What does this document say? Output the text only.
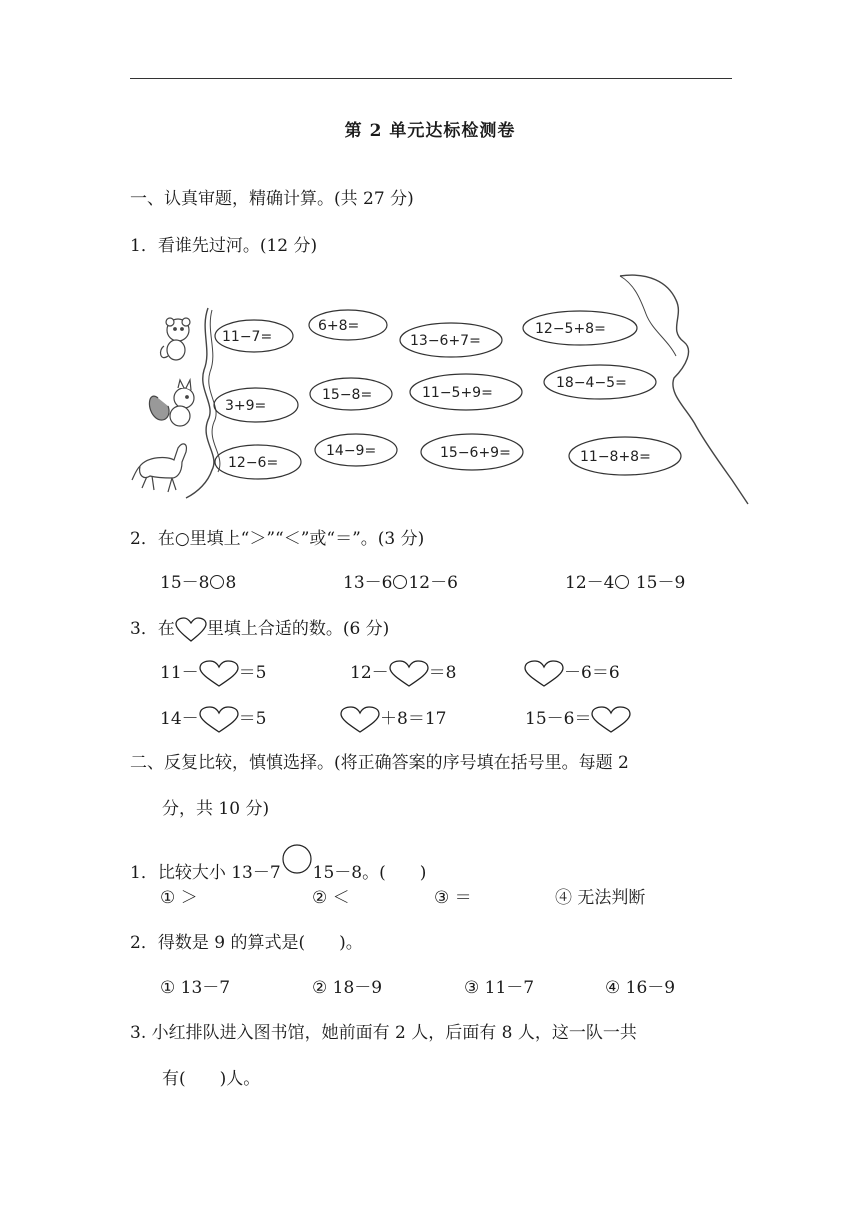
第 2 单元达标检测卷
一、认真审题，精确计算。(共 27 分)
1．看谁先过河。(12 分)
11−7=
6+8=
13−6+7=
12−5+8=
3+9=
15−8=	11−5+9=
18−4−5=
12−6=
14−9=	15−6+9=	11−8+8=
2．在○里填上“＞”“＜”或“＝”。(3 分)
15－8 8	13－6 12－6	12－4 15－9
3．在 里填上合适的数。(6 分)
11－ ＝5	12－ ＝8	－6＝6
14－ ＝5	＋8＝17	15－6＝
二、反复比较，慎慎选择。(将正确答案的序号填在括号里。每题 2
分，共 10 分)
1．比较大小 13－7 15－8。(　　)
① ＞	② ＜	③ ＝	④ 无法判断
2．得数是 9 的算式是(　　)。
① 13－7	② 18－9	③ 11－7	④ 16－9
3. 小红排队进入图书馆，她前面有 2 人，后面有 8 人，这一队一共
有(　　)人。
